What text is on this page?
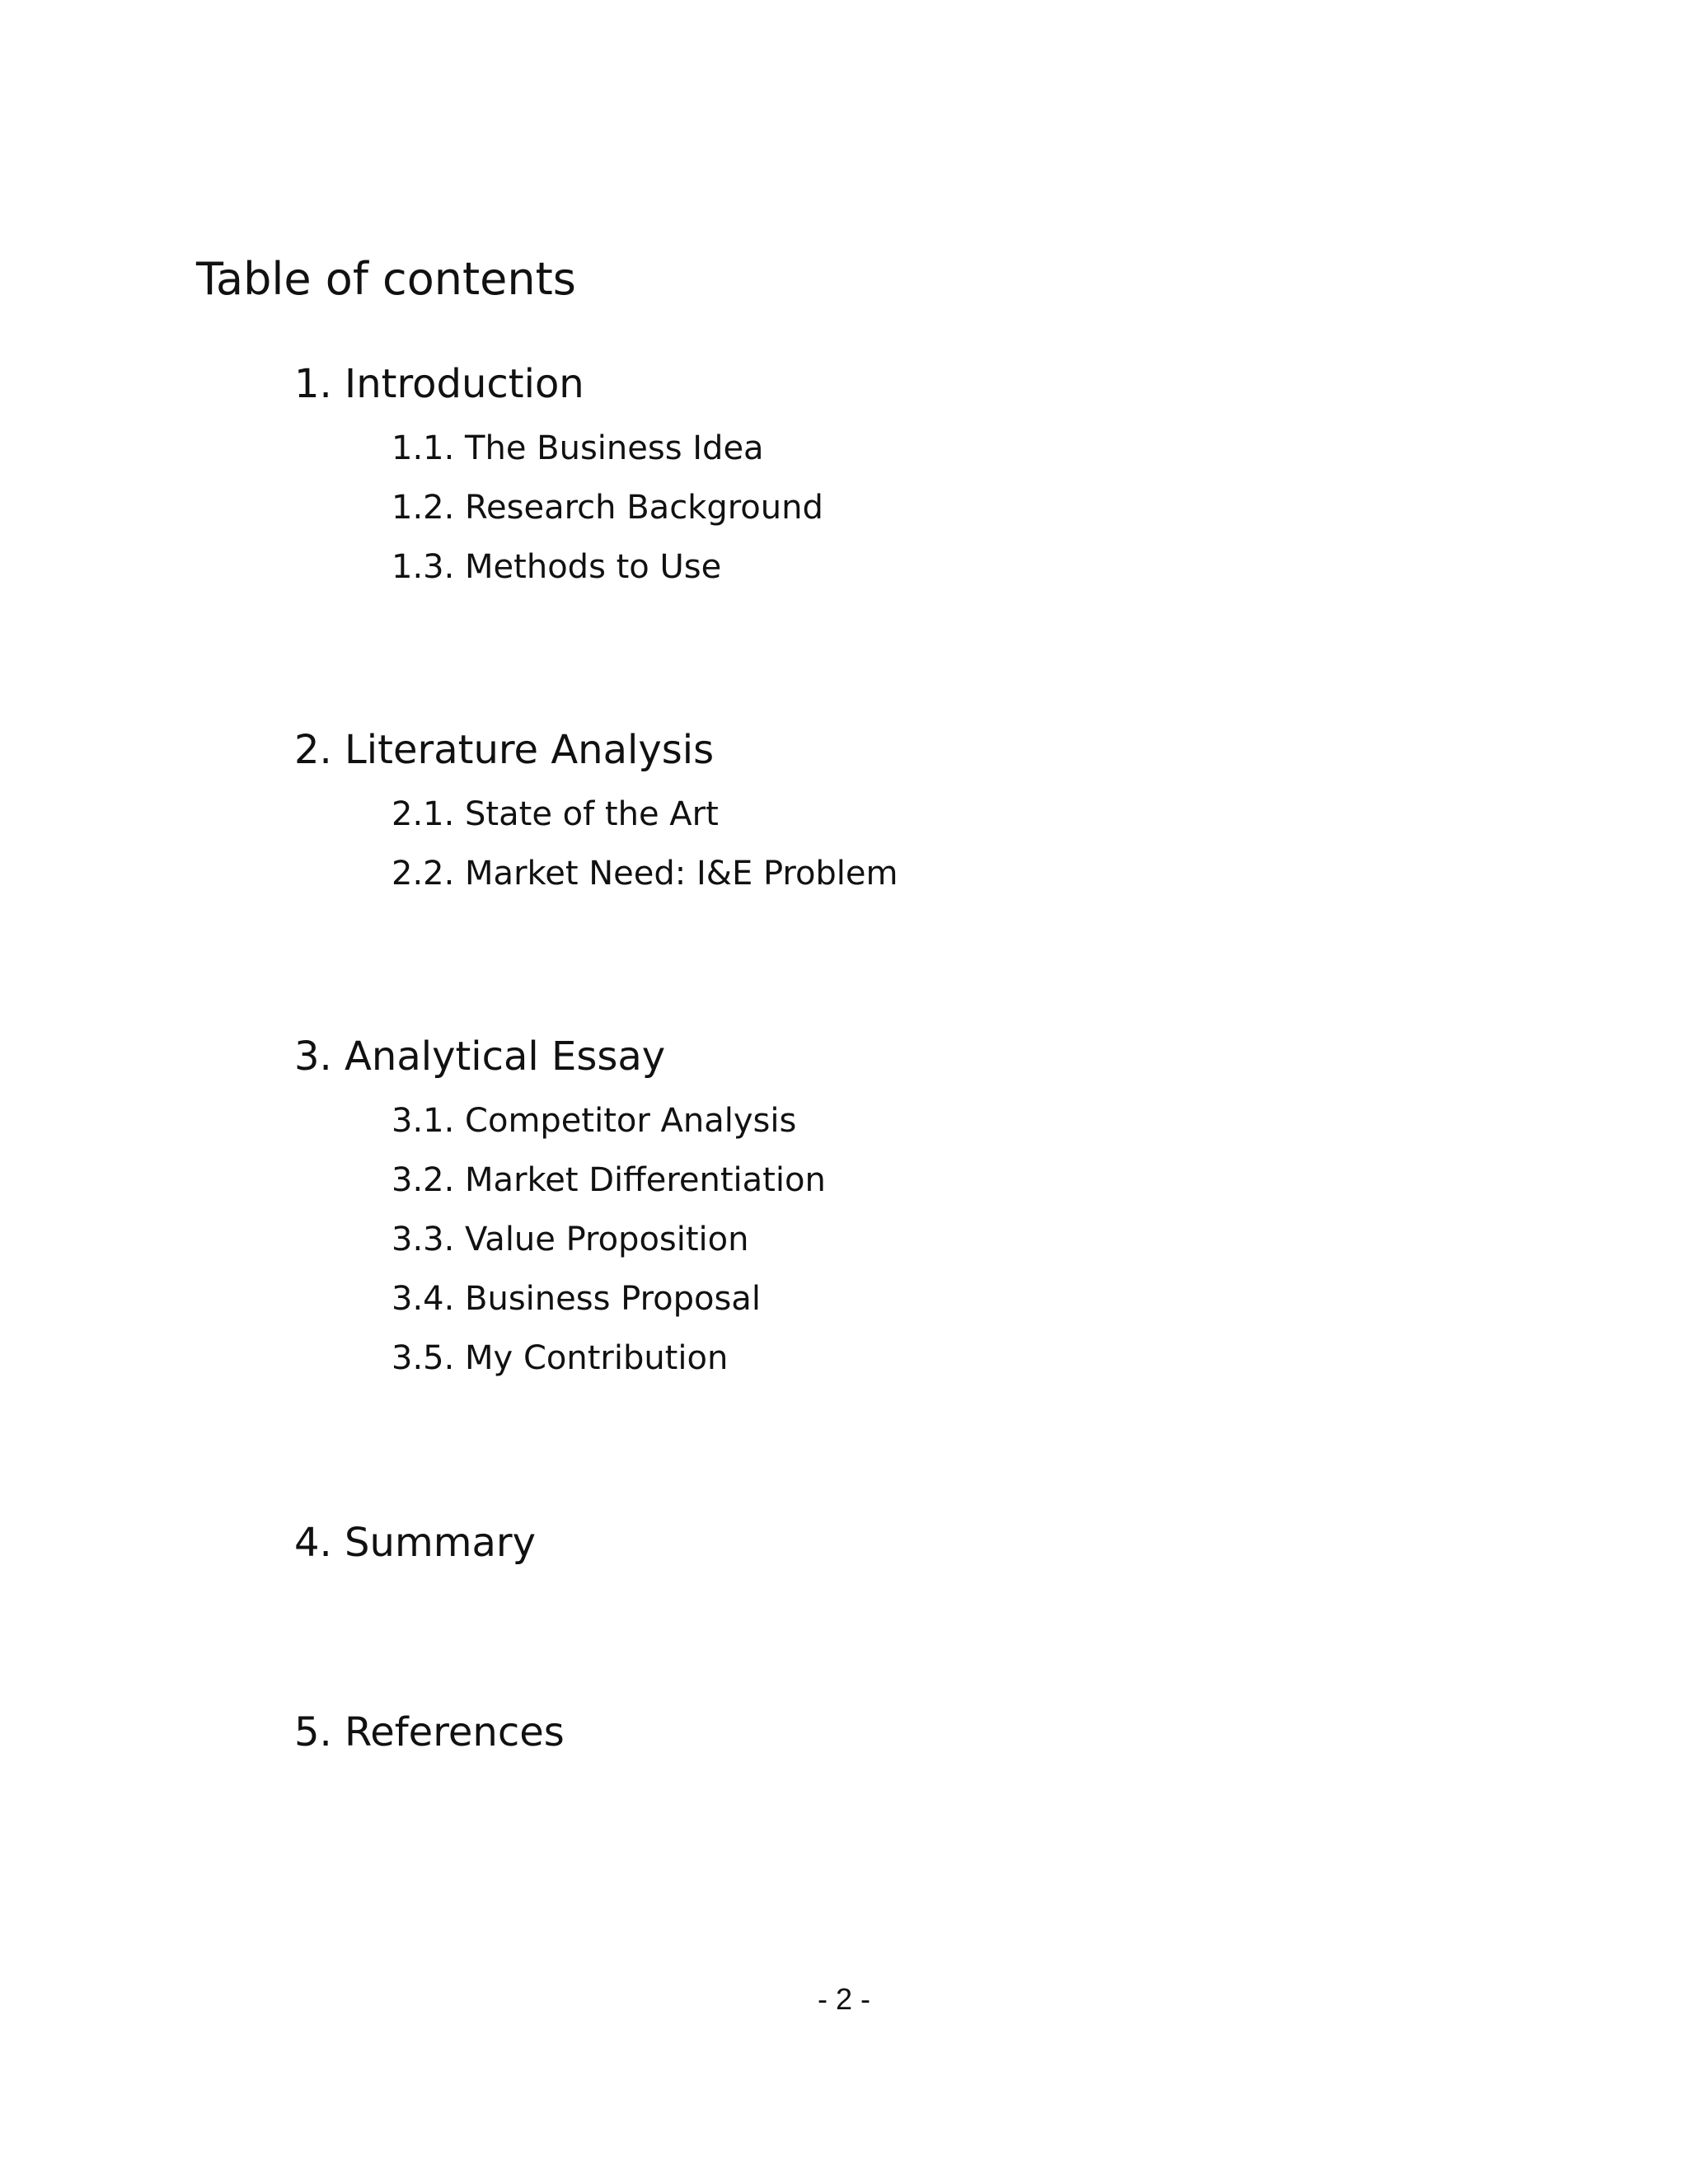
Table of contents
1. Introduction
1.1. The Business Idea
1.2. Research Background
1.3. Methods to Use
2. Literature Analysis
2.1. State of the Art
2.2. Market Need: I&E Problem
3. Analytical Essay
3.1. Competitor Analysis
3.2. Market Differentiation
3.3. Value Proposition
3.4. Business Proposal
3.5. My Contribution
4. Summary
5. References
- 2 -
